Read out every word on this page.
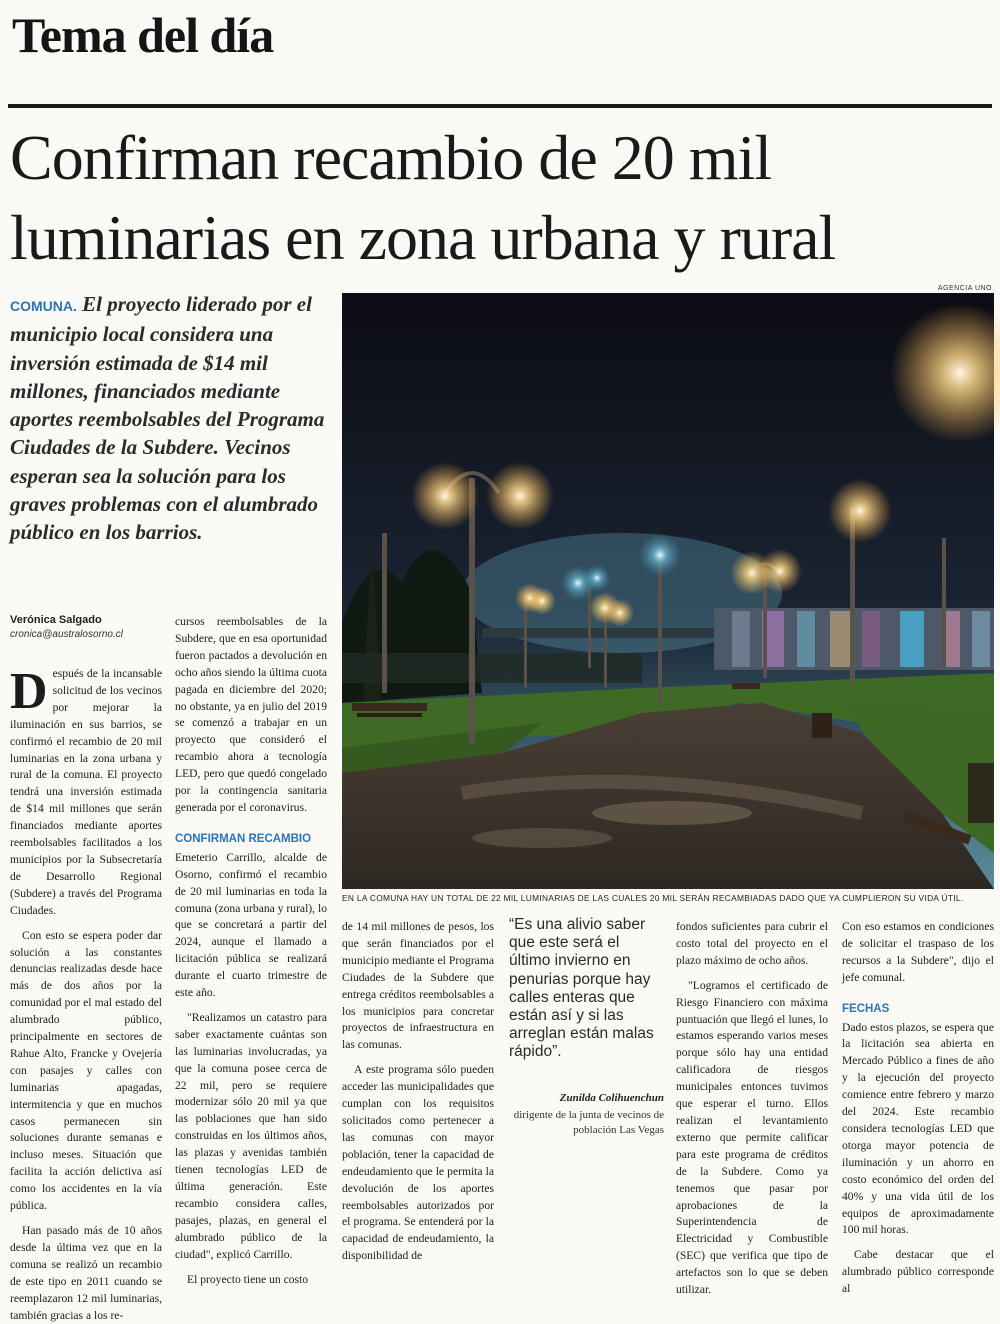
Tema del día
Confirman recambio de 20 mil luminarias en zona urbana y rural
COMUNA. El proyecto liderado por el municipio local considera una inversión estimada de $14 mil millones, financiados mediante aportes reembolsables del Programa Ciudades de la Subdere. Vecinos esperan sea la solución para los graves problemas con el alumbrado público en los barrios.
AGENCIA UNO
EN LA COMUNA HAY UN TOTAL DE 22 MIL LUMINARIAS DE LAS CUALES 20 MIL SERÁN RECAMBIADAS DADO QUE YA CUMPLIERON SU VIDA ÚTIL.
Verónica Salgado
cronica@australosorno.cl

Después de la incansable solicitud de los vecinos por mejorar la iluminación en sus barrios, se confirmó el recambio de 20 mil luminarias en la zona urbana y rural de la comuna. El proyecto tendrá una inversión estimada de $14 mil millones que serán financiados mediante aportes reembolsables facilitados a los municipios por la Subsecretaría de Desarrollo Regional (Subdere) a través del Programa Ciudades.

Con esto se espera poder dar solución a las constantes denuncias realizadas desde hace más de dos años por la comunidad por el mal estado del alumbrado público, principalmente en sectores de Rahue Alto, Francke y Ovejería con pasajes y calles con luminarias apagadas, intermitencia y que en muchos casos permanecen sin soluciones durante semanas e incluso meses. Situación que facilita la acción delictiva así como los accidentes en la vía pública.

Han pasado más de 10 años desde la última vez que en la comuna se realizó un recambio de este tipo en 2011 cuando se reemplazaron 12 mil luminarias, también gracias a los re-

cursos reembolsables de la Subdere, que en esa oportunidad fueron pactados a devolución en ocho años siendo la última cuota pagada en diciembre del 2020; no obstante, ya en julio del 2019 se comenzó a trabajar en un proyecto que consideró el recambio ahora a tecnología LED, pero que quedó congelado por la contingencia sanitaria generada por el coronavirus.

CONFIRMAN RECAMBIO

Emeterio Carrillo, alcalde de Osorno, confirmó el recambio de 20 mil luminarias en toda la comuna (zona urbana y rural), lo que se concretará a partir del 2024, aunque el llamado a licitación pública se realizará durante el cuarto trimestre de este año.

"Realizamos un catastro para saber exactamente cuántas son las luminarias involucradas, ya que la comuna posee cerca de 22 mil, pero se requiere modernizar sólo 20 mil ya que las poblaciones que han sido construidas en los últimos años, las plazas y avenidas también tienen tecnologías LED de última generación. Este recambio considera calles, pasajes, plazas, en general el alumbrado público de la ciudad", explicó Carrillo.

El proyecto tiene un costo

de 14 mil millones de pesos, los que serán financiados por el municipio mediante el Programa Ciudades de la Subdere que entrega créditos reembolsables a los municipios para concretar proyectos de infraestructura en las comunas.

A este programa sólo pueden acceder las municipalidades que cumplan con los requisitos solicitados como pertenecer a las comunas con mayor población, tener la capacidad de endeudamiento que le permita la devolución de los aportes reembolsables autorizados por el programa. Se entenderá por la capacidad de endeudamiento, la disponibilidad de

“Es una alivio saber que este será el último invierno en penurias porque hay calles enteras que están así y si las arreglan están malas rápido”.
Zunilda Colihuenchun
dirigente de la junta de vecinos de población Las Vegas

fondos suficientes para cubrir el costo total del proyecto en el plazo máximo de ocho años.

"Logramos el certificado de Riesgo Financiero con máxima puntuación que llegó el lunes, lo estamos esperando varios meses porque sólo hay una entidad calificadora de riesgos municipales entonces tuvimos que esperar el turno. Ellos realizan el levantamiento externo que permite calificar para este programa de créditos de la Subdere. Como ya tenemos que pasar por aprobaciones de la Superintendencia de Electricidad y Combustible (SEC) que verifica que tipo de artefactos son lo que se deben utilizar.

Con eso estamos en condiciones de solicitar el traspaso de los recursos a la Subdere", dijo el jefe comunal.

FECHAS

Dado estos plazos, se espera que la licitación sea abierta en Mercado Público a fines de año y la ejecución del proyecto comience entre febrero y marzo del 2024. Este recambio considera tecnologías LED que otorga mayor potencia de iluminación y un ahorro en costo económico del orden del 40% y una vida útil de los equipos de aproximadamente 100 mil horas.

Cabe destacar que el alumbrado público corresponde al
